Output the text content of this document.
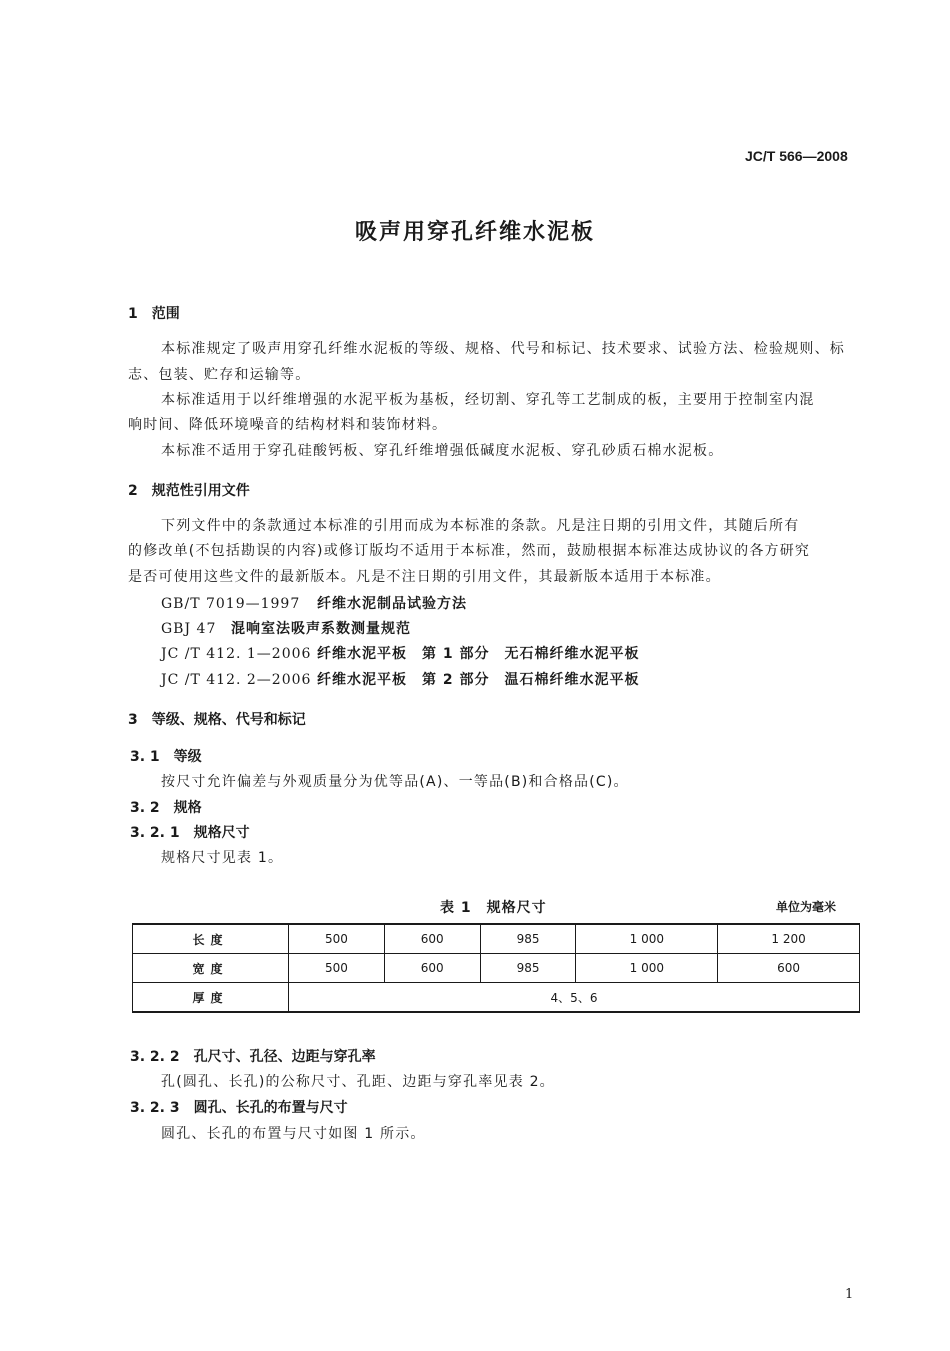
JC/T 566—2008
吸声用穿孔纤维水泥板
1　范围
本标准规定了吸声用穿孔纤维水泥板的等级、规格、代号和标记、技术要求、试验方法、检验规则、标
志、包装、贮存和运输等。
本标准适用于以纤维增强的水泥平板为基板，经切割、穿孔等工艺制成的板，主要用于控制室内混
响时间、降低环境噪音的结构材料和装饰材料。
本标准不适用于穿孔硅酸钙板、穿孔纤维增强低碱度水泥板、穿孔砂质石棉水泥板。
2　规范性引用文件
下列文件中的条款通过本标准的引用而成为本标准的条款。凡是注日期的引用文件，其随后所有
的修改单(不包括勘误的内容)或修订版均不适用于本标准，然而，鼓励根据本标准达成协议的各方研究
是否可使用这些文件的最新版本。凡是不注日期的引用文件，其最新版本适用于本标准。
GB/T 7019—1997 纤维水泥制品试验方法
GBJ 47 混响室法吸声系数测量规范
JC /T 412. 1—2006 纤维水泥平板　第 1 部分　无石棉纤维水泥平板
JC /T 412. 2—2006 纤维水泥平板　第 2 部分　温石棉纤维水泥平板
3　等级、规格、代号和标记
3. 1　等级
按尺寸允许偏差与外观质量分为优等品(A)、一等品(B)和合格品(C)。
3. 2　规格
3. 2. 1　规格尺寸
规格尺寸见表 1。
表 1　规格尺寸	单位为毫米
长度	500	600	985	1 000	1 200
宽度	500	600	985	1 000	600
厚度	4、5、6				
3. 2. 2　孔尺寸、孔径、边距与穿孔率
孔(圆孔、长孔)的公称尺寸、孔距、边距与穿孔率见表 2。
3. 2. 3　圆孔、长孔的布置与尺寸
圆孔、长孔的布置与尺寸如图 1 所示。
1
